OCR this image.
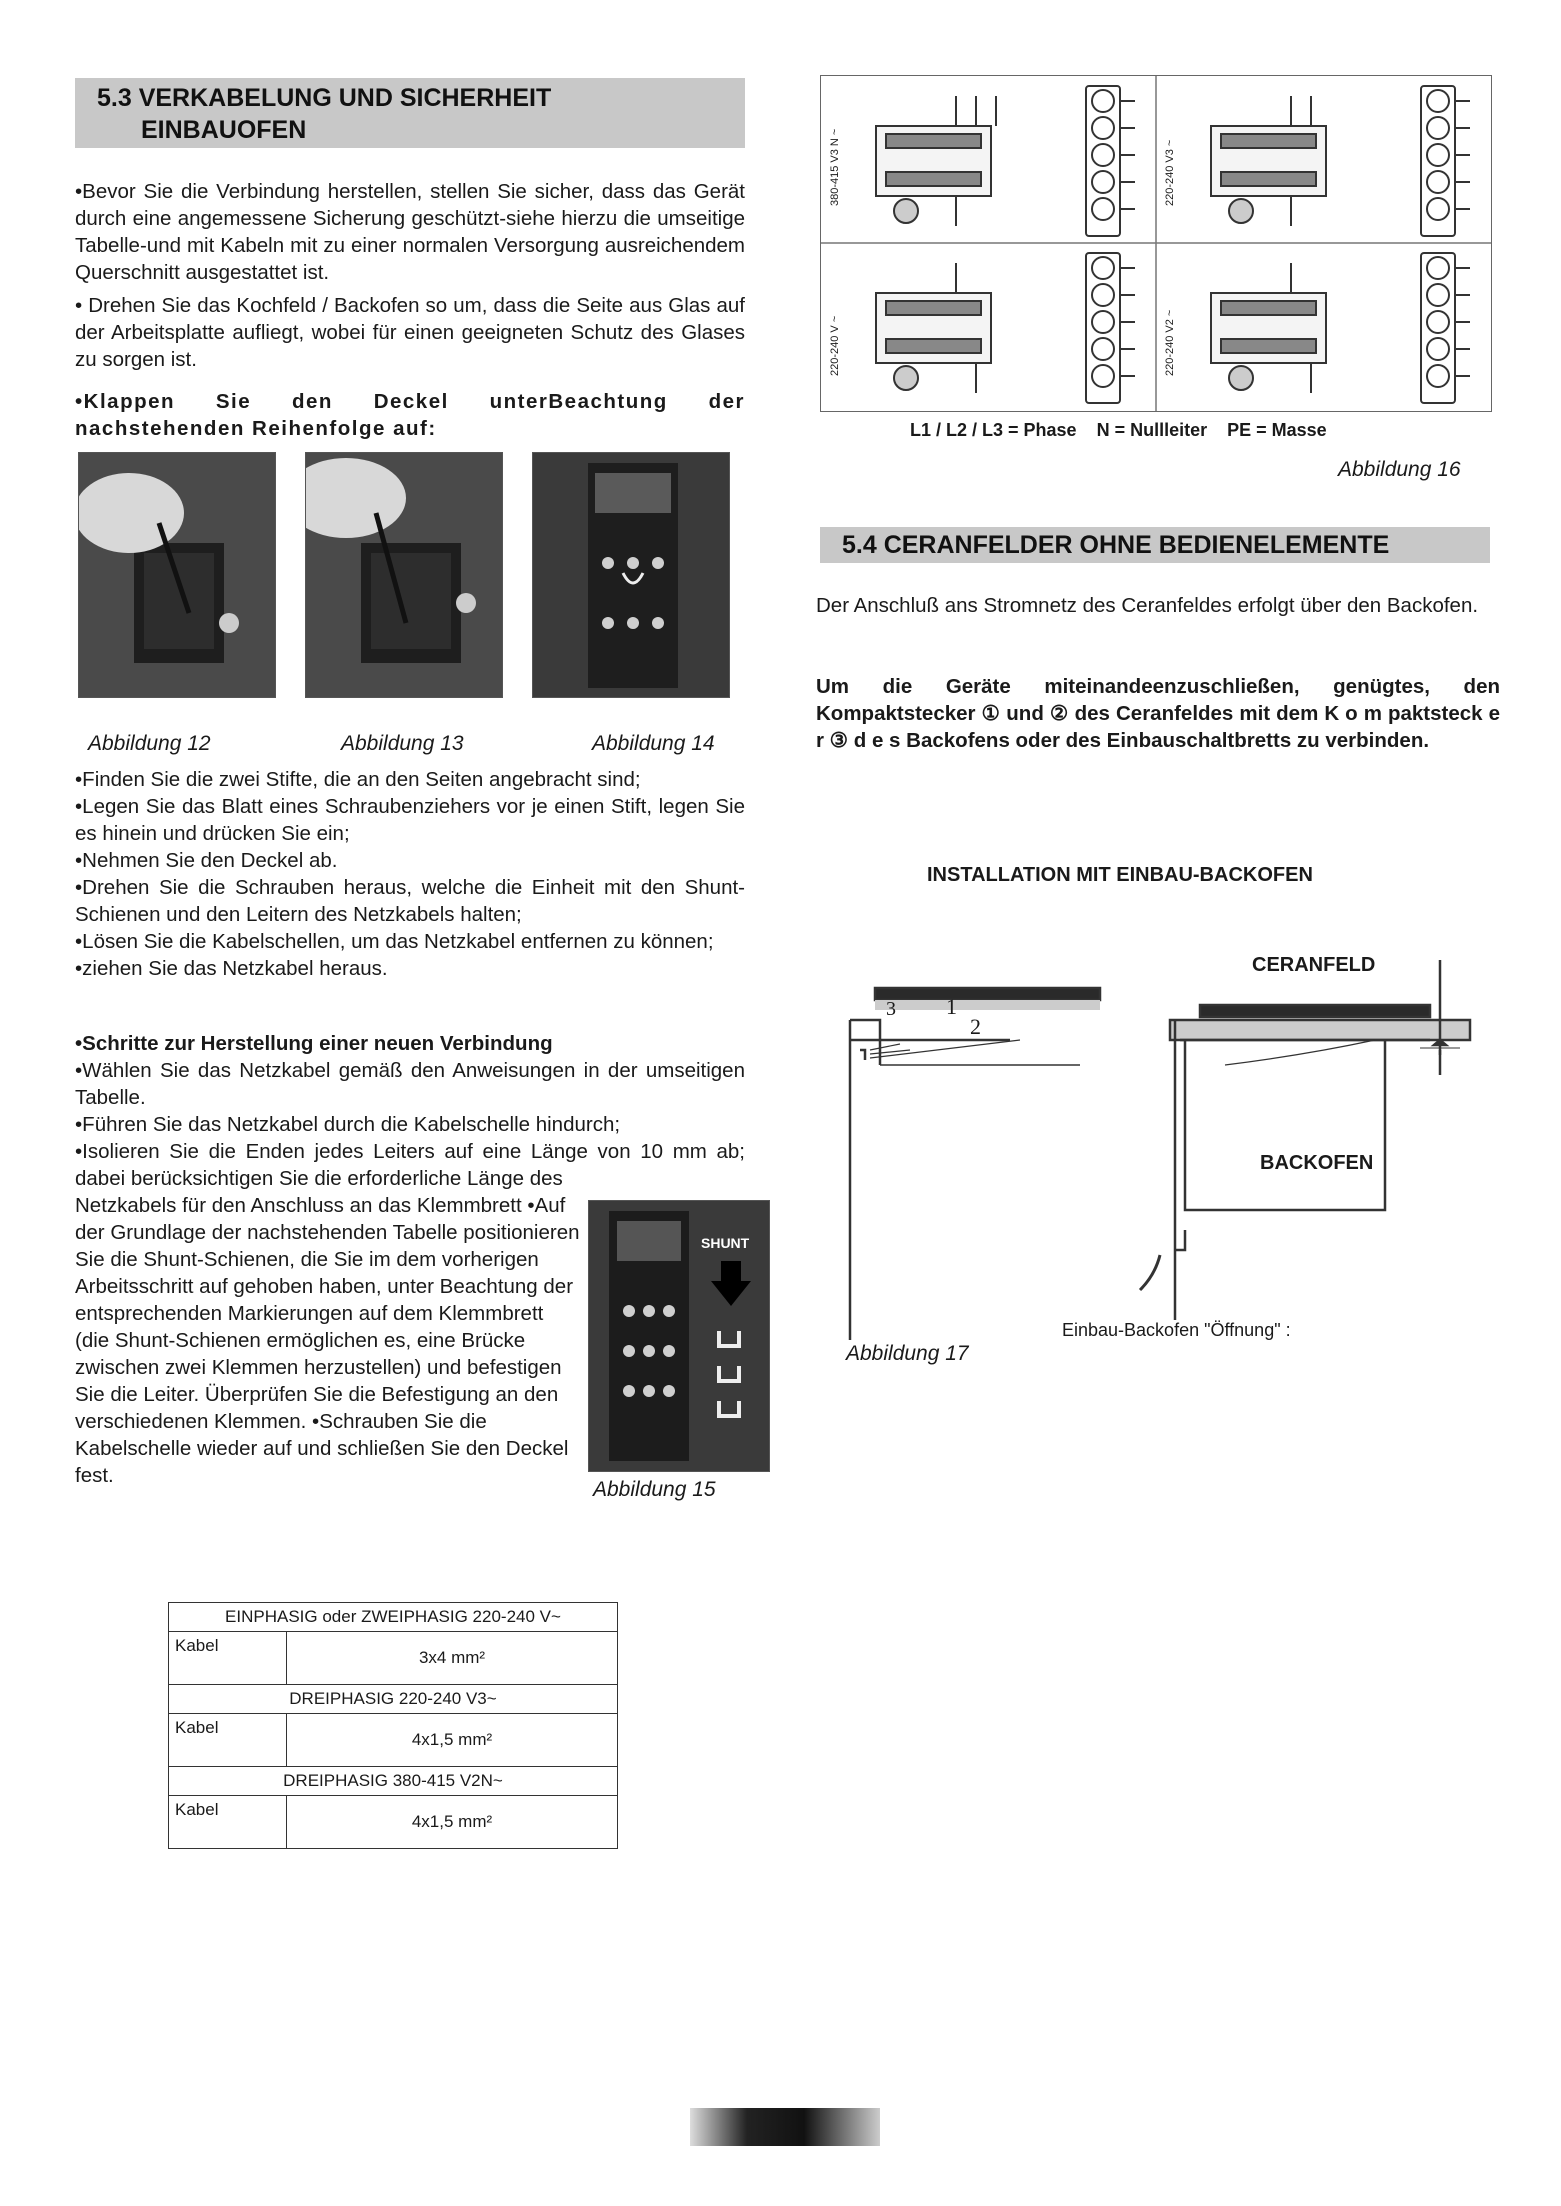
5.3 VERKABELUNG UND SICHERHEIT
EINBAUOFEN
•Bevor Sie die Verbindung herstellen, stellen Sie sicher, dass das Gerät durch eine angemessene Sicherung geschützt-siehe hierzu die umseitige Tabelle-und mit Kabeln mit zu einer normalen Versorgung ausreichendem Querschnitt ausgestattet ist.
• Drehen Sie das Kochfeld / Backofen so um, dass die Seite aus Glas auf der Arbeitsplatte aufliegt, wobei für einen geeigneten Schutz des Glases zu sorgen ist.
•Klappen Sie den Deckel unterBeachtung der nachstehenden Reihenfolge auf:
Abbildung 12	Abbildung 13	Abbildung 14
•Finden Sie die zwei Stifte, die an den Seiten angebracht sind;
•Legen Sie das Blatt eines Schraubenziehers vor je einen Stift, legen Sie es hinein und drücken Sie ein;
•Nehmen Sie den Deckel ab.
•Drehen Sie die Schrauben heraus, welche die Einheit mit den Shunt-Schienen und den Leitern des Netzkabels halten;
•Lösen Sie die Kabelschellen, um das Netzkabel entfernen zu können;
•ziehen Sie das Netzkabel heraus.
•Schritte zur Herstellung einer neuen Verbindung
•Wählen Sie das Netzkabel gemäß den Anweisungen in der umseitigen Tabelle.
•Führen Sie das Netzkabel durch die Kabelschelle hindurch;
•Isolieren Sie die Enden jedes Leiters auf eine Länge von 10 mm ab; dabei berücksichtigen Sie die erforderliche Länge des
Netzkabels für den Anschluss an das Klemmbrett •Auf der Grundlage der nachstehenden Tabelle positionieren Sie die Shunt-Schienen, die Sie im dem vorherigen Arbeitsschritt auf gehoben haben, unter Beachtung der entsprechenden Markierungen auf dem Klemmbrett (die Shunt-Schienen ermöglichen es, eine Brücke zwischen zwei Klemmen herzustellen) und befestigen Sie die Leiter. Überprüfen Sie die Befestigung an den verschiedenen Klemmen. •Schrauben Sie die Kabelschelle wieder auf und schließen Sie den Deckel fest.
SHUNT
Abbildung 15
EINPHASIG oder ZWEIPHASIG 220-240 V~	
Kabel	3x4 mm²
DREIPHASIG 220-240 V3~	
Kabel	4x1,5 mm²
DREIPHASIG 380-415 V2N~	
Kabel	4x1,5 mm²
380-415 V3 N ~	220-240 V3 ~
220-240 V ~	220-240 V2 ~
L1 / L2 / L3 = Phase    N = Nullleiter    PE = Masse
Abbildung 16
5.4 CERANFELDER OHNE BEDIENELEMENTE
Der Anschluß ans Stromnetz des Ceranfeldes erfolgt über den Backofen.
Um die Geräte miteinandeenzuschließen, genügtes, den Kompaktstecker ① und ② des Ceranfeldes mit dem K o m paktsteck e r ③ d e s Backofens oder des Einbauschaltbretts zu verbinden.
INSTALLATION MIT EINBAU-BACKOFEN
3 1
2
CERANFELD
BACKOFEN
Einbau-Backofen "Öffnung" :
Abbildung 17
